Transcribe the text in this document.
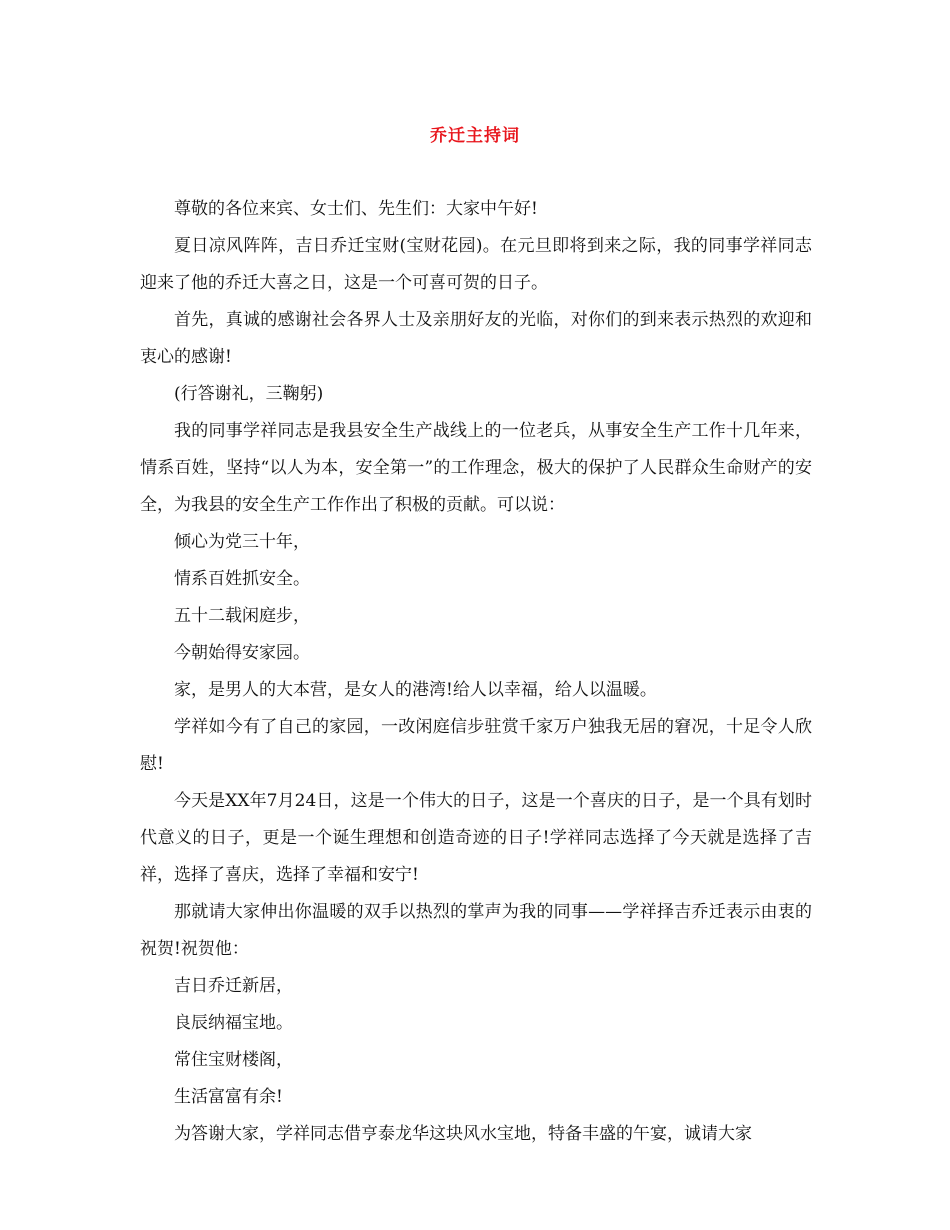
乔迁主持词

尊敬的各位来宾、女士们、先生们：大家中午好!

夏日凉风阵阵，吉日乔迁宝财(宝财花园)。在元旦即将到来之际，我的同事学祥同志迎来了他的乔迁大喜之日，这是一个可喜可贺的日子。

首先，真诚的感谢社会各界人士及亲朋好友的光临，对你们的到来表示热烈的欢迎和衷心的感谢!

(行答谢礼，三鞠躬)

我的同事学祥同志是我县安全生产战线上的一位老兵，从事安全生产工作十几年来，情系百姓，坚持“以人为本，安全第一”的工作理念，极大的保护了人民群众生命财产的安全，为我县的安全生产工作作出了积极的贡献。可以说：

倾心为党三十年，

情系百姓抓安全。

五十二载闲庭步，

今朝始得安家园。

家，是男人的大本营，是女人的港湾!给人以幸福，给人以温暖。

学祥如今有了自己的家园，一改闲庭信步驻赏千家万户独我无居的窘况，十足令人欣慰!

今天是XX年7月24日，这是一个伟大的日子，这是一个喜庆的日子，是一个具有划时代意义的日子，更是一个诞生理想和创造奇迹的日子!学祥同志选择了今天就是选择了吉祥，选择了喜庆，选择了幸福和安宁!

那就请大家伸出你温暖的双手以热烈的掌声为我的同事——学祥择吉乔迁表示由衷的祝贺!祝贺他：

吉日乔迁新居，

良辰纳福宝地。

常住宝财楼阁，

生活富富有余!

为答谢大家，学祥同志借亨泰龙华这块风水宝地，特备丰盛的午宴，诚请大家
